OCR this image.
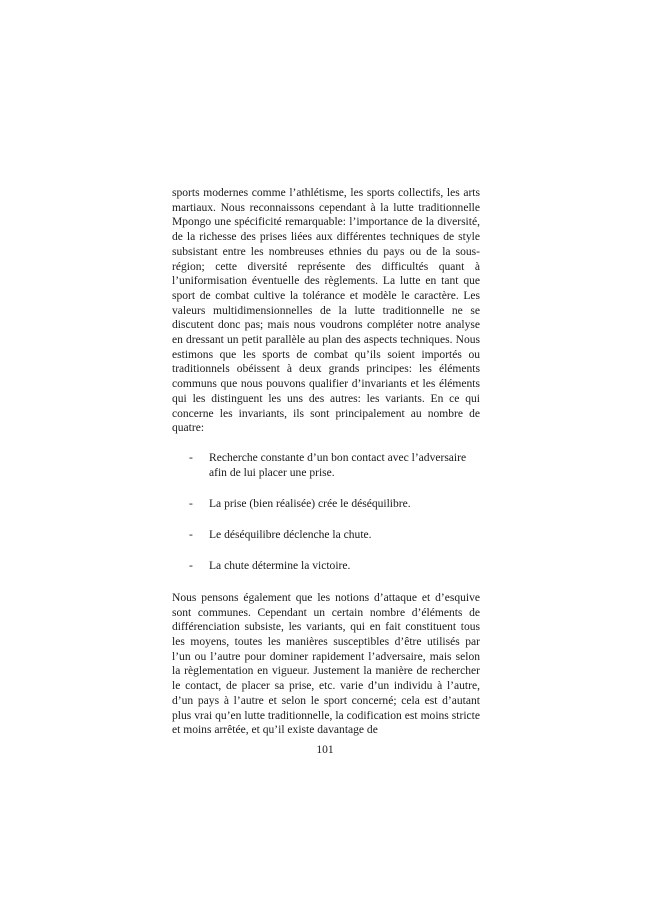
sports modernes comme l’athlétisme, les sports collectifs, les arts martiaux. Nous reconnaissons cependant à la lutte traditionnelle Mpongo une spécificité remarquable: l’importance de la diversité, de la richesse des prises liées aux différentes techniques de style subsistant entre les nombreuses ethnies du pays ou de la sous-région; cette diversité représente des difficultés quant à l’uniformisation éventuelle des règlements. La lutte en tant que sport de combat cultive la tolérance et modèle le caractère. Les valeurs multidimensionnelles de la lutte traditionnelle ne se discutent donc pas; mais nous voudrons compléter notre analyse en dressant un petit parallèle au plan des aspects techniques. Nous estimons que les sports de combat qu’ils soient importés ou traditionnels obéissent à deux grands principes: les éléments communs que nous pouvons qualifier d’invariants et les éléments qui les distinguent les uns des autres: les variants. En ce qui concerne les invariants, ils sont principalement au nombre de quatre:

- Recherche constante d’un bon contact avec l’adversaire afin de lui placer une prise.
- La prise (bien réalisée) crée le déséquilibre.
- Le déséquilibre déclenche la chute.
- La chute détermine la victoire.

Nous pensons également que les notions d’attaque et d’esquive sont communes. Cependant un certain nombre d’éléments de différenciation subsiste, les variants, qui en fait constituent tous les moyens, toutes les manières susceptibles d’être utilisés par l’un ou l’autre pour dominer rapidement l’adversaire, mais selon la règlementation en vigueur. Justement la manière de rechercher le contact, de placer sa prise, etc. varie d’un individu à l’autre, d’un pays à l’autre et selon le sport concerné; cela est d’autant plus vrai qu’en lutte traditionnelle, la codification est moins stricte et moins arrêtée, et qu’il existe davantage de

101
